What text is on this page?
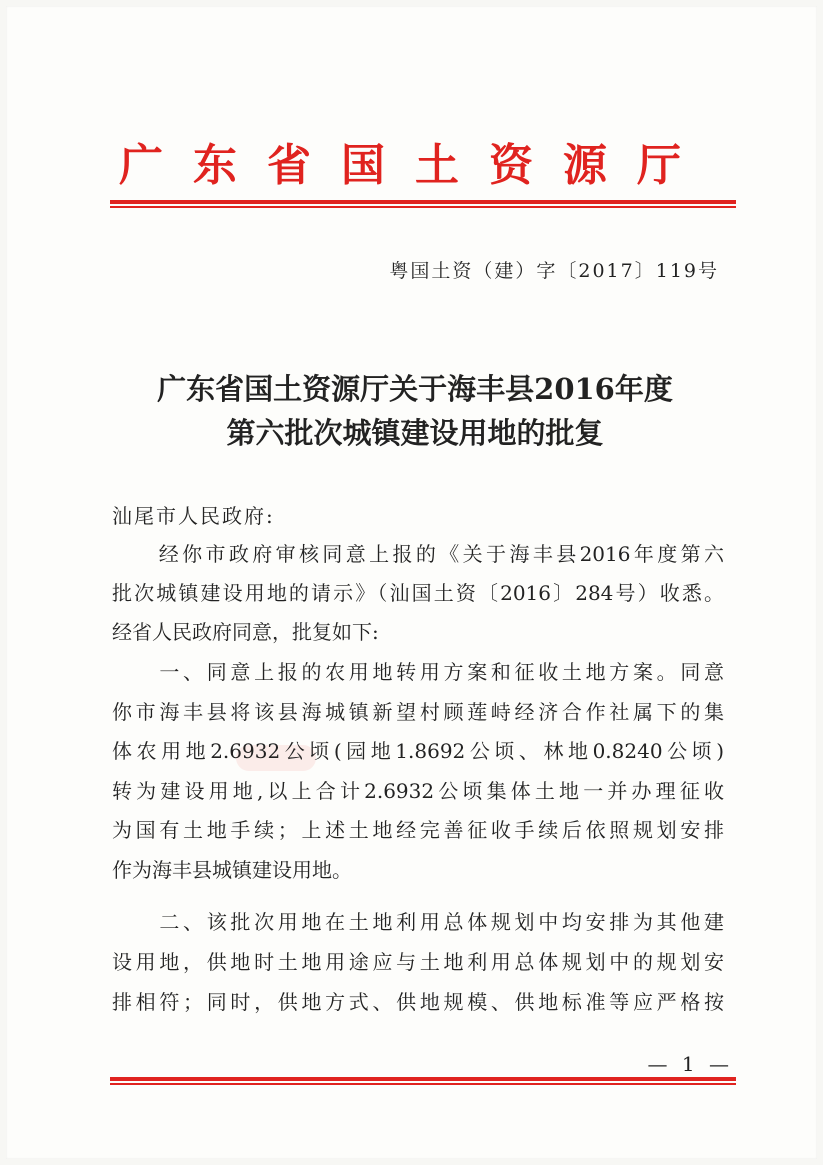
广东省国土资源厅
粤国土资（建）字〔2017〕119号
广东省国土资源厅关于海丰县2016年度
第六批次城镇建设用地的批复
汕尾市人民政府:
　　经你市政府审核同意上报的《关于海丰县2016年度第六
批次城镇建设用地的请示》（汕国土资〔2016〕284号）收悉。
经省人民政府同意，批复如下:
　　一、同意上报的农用地转用方案和征收土地方案。同意
你市海丰县将该县海城镇新望村顾莲峙经济合作社属下的集
体农用地2.6932公顷(园地1.8692公顷、林地0.8240公顷)
转为建设用地,以上合计2.6932公顷集体土地一并办理征收
为国有土地手续；上述土地经完善征收手续后依照规划安排
作为海丰县城镇建设用地。
　　二、该批次用地在土地利用总体规划中均安排为其他建
设用地，供地时土地用途应与土地利用总体规划中的规划安
排相符；同时，供地方式、供地规模、供地标准等应严格按
— 1 —
